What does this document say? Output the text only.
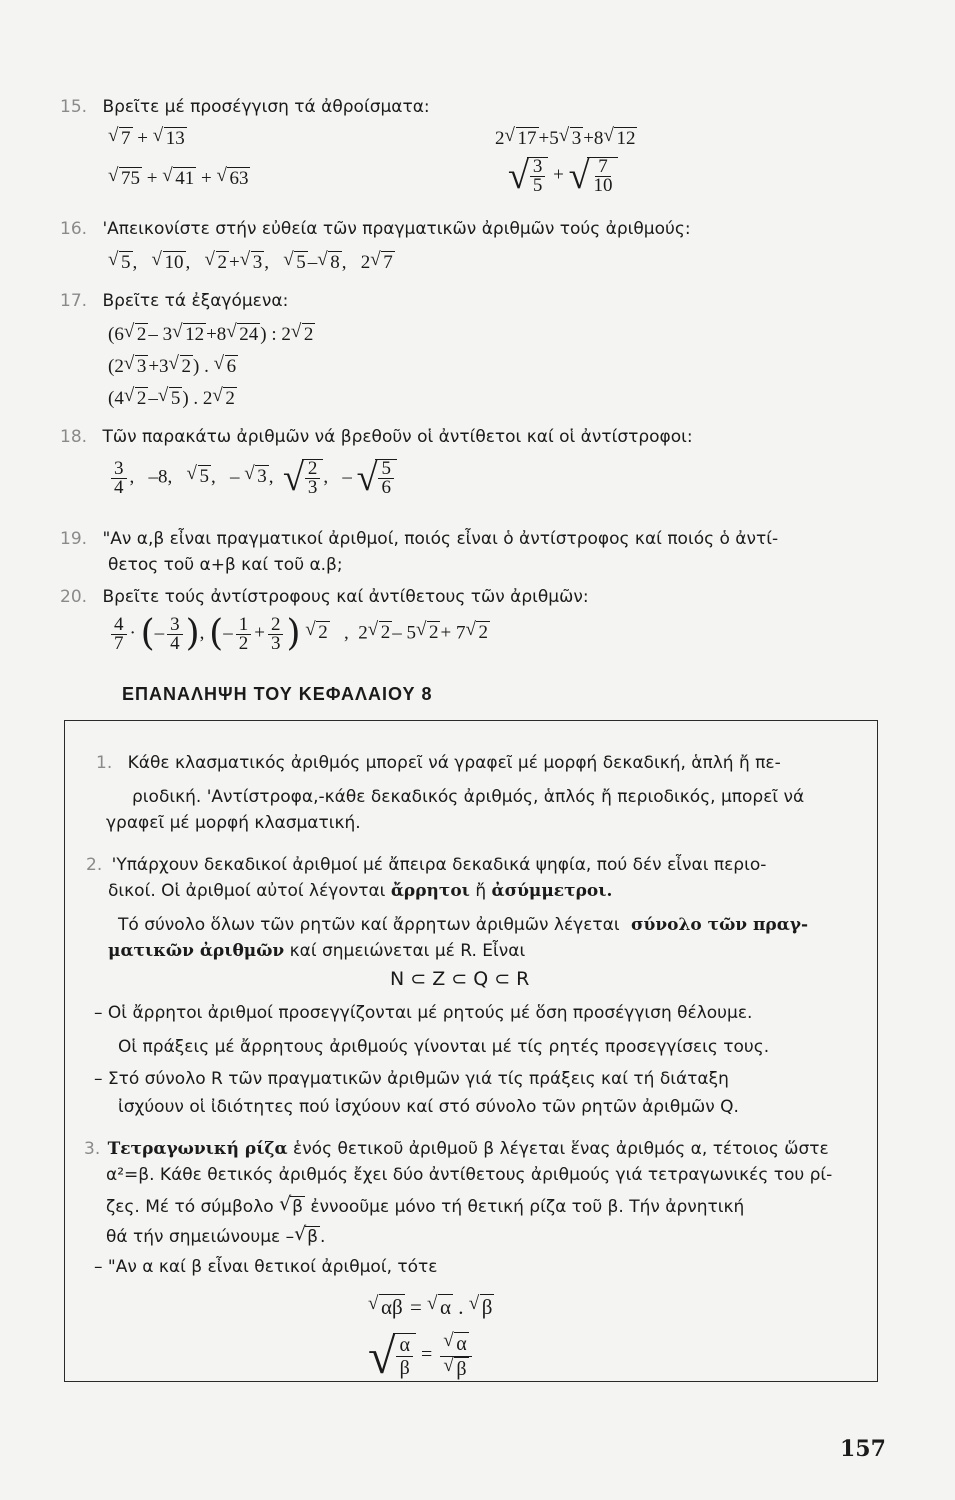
15. Βρεῖτε μέ προσέγγιση τά ἀθροίσματα:
√ 7 + √ 13	2 √ 17 +5 √ 3 +8 √ 12
√ 75 + √ 41 + √ 63	√ $\frac{3}{5}$ + √ $\frac{7}{10}$
16. 'Απεικονίστε στήν εὐθεία τῶν πραγματικῶν ἀριθμῶν τούς ἀριθμούς:
√ 5 , √ 10 , √ 2 + √ 3 , √ 5 – √ 8 , 2 √ 7
17. Βρεῖτε τά ἐξαγόμενα:
(6 √ 2 – 3 √ 12 +8 √ 24 ) : 2 √ 2
(2 √ 3 +3 √ 2 ) . √ 6
(4 √ 2 – √ 5 ) . 2 √ 2
18. Τῶν παρακάτω ἀριθμῶν νά βρεθοῦν οἱ ἀντίθετοι καί οἱ ἀντίστροφοι:
$\frac{3}{4}$ , –8, √ 5 , – √ 3 , √ $\frac{2}{3}$ , – √ $\frac{5}{6}$
19. "Αν α,β εἶναι πραγματικοί ἀριθμοί, ποιός εἶναι ὁ ἀντίστροφος καί ποιός ὁ ἀντί-
θετος τοῦ α+β καί τοῦ α.β;
20. Βρεῖτε τούς ἀντίστροφους καί ἀντίθετους τῶν ἀριθμῶν:
$\frac{4}{7}$ · (– $\frac{3}{4}$ ), (– $\frac{1}{2} + \frac{2}{3}$ ) √ 2 , 2 √ 2 – 5 √ 2 + 7 √ 2
ΕΠΑΝΑΛΗΨΗ ΤΟΥ ΚΕΦΑΛΑΙΟΥ 8
1. Κάθε κλασματικός ἀριθμός μπορεῖ νά γραφεῖ μέ μορφή δεκαδική, ἁπλή ἤ πε-
ριοδική. 'Αντίστροφα,-κάθε δεκαδικός ἀριθμός, ἁπλός ἤ περιοδικός, μπορεῖ νά
γραφεῖ μέ μορφή κλασματική.
2. 'Υπάρχουν δεκαδικοί ἀριθμοί μέ ἄπειρα δεκαδικά ψηφία, πού δέν εἶναι περιο-
δικοί. Οἱ ἀριθμοί αὐτοί λέγονται ἄρρητοι ἤ ἀσύμμετροι.
Τό σύνολο ὅλων τῶν ρητῶν καί ἄρρητων ἀριθμῶν λέγεται σύνολο τῶν πραγ-
ματικῶν ἀριθμῶν καί σημειώνεται μέ R. Εἶναι
N ⊂ Z ⊂ Q ⊂ R
– Οἱ ἄρρητοι ἀριθμοί προσεγγίζονται μέ ρητούς μέ ὅση προσέγγιση θέλουμε.
Οἱ πράξεις μέ ἄρρητους ἀριθμούς γίνονται μέ τίς ρητές προσεγγίσεις τους.
– Στό σύνολο R τῶν πραγματικῶν ἀριθμῶν γιά τίς πράξεις καί τή διάταξη
ἰσχύουν οἱ ἰδιότητες πού ἰσχύουν καί στό σύνολο τῶν ρητῶν ἀριθμῶν Q.
3. Τετραγωνική ρίζα ἑνός θετικοῦ ἀριθμοῦ β λέγεται ἕνας ἀριθμός α, τέτοιος ὥστε
α²=β. Κάθε θετικός ἀριθμός ἔχει δύο ἀντίθετους ἀριθμούς γιά τετραγωνικές του ρί-
ζες. Μέ τό σύμβολο √ β ἐννοοῦμε μόνο τή θετική ρίζα τοῦ β. Τήν ἀρνητική
θά τήν σημειώνουμε – √ β .
– "Αν α καί β εἶναι θετικοί ἀριθμοί, τότε
√ αβ = √ α . √ β
√ $\frac{\alpha}{\beta}$ = √ α
√ β
157
